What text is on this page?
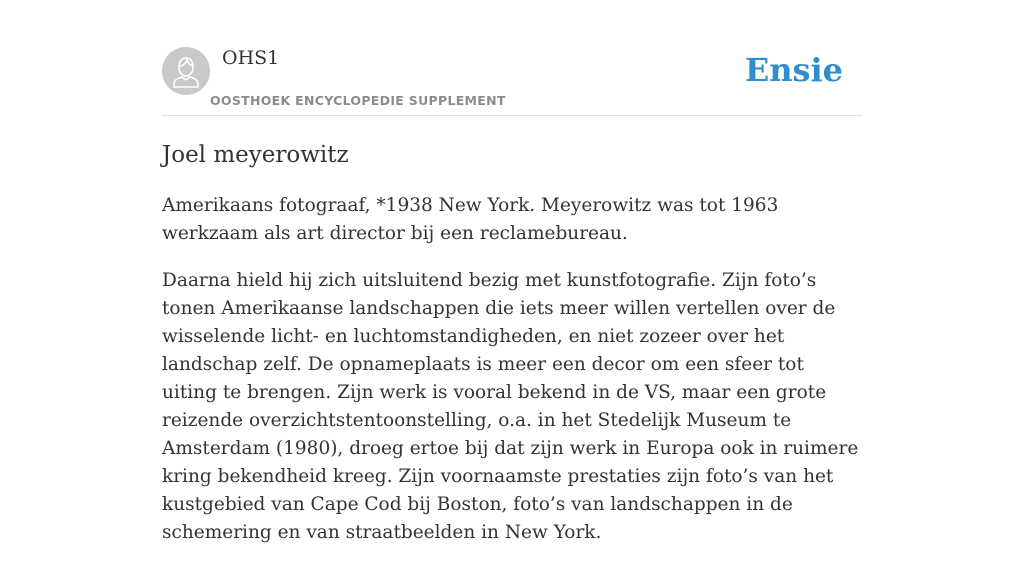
OHS1
OOSTHOEK ENCYCLOPEDIE SUPPLEMENT
Ensie
Joel meyerowitz

Amerikaans fotograaf, *1938 New York. Meyerowitz was tot 1963 werkzaam als art director bij een reclamebureau.

Daarna hield hij zich uitsluitend bezig met kunstfotografie. Zijn foto’s tonen Amerikaanse landschappen die iets meer willen vertellen over de wisselende licht- en luchtomstandigheden, en niet zozeer over het landschap zelf. De opnameplaats is meer een decor om een sfeer tot uiting te brengen. Zijn werk is vooral bekend in de VS, maar een grote reizende overzichtstentoonstelling, o.a. in het Stedelijk Museum te Amsterdam (1980), droeg ertoe bij dat zijn werk in Europa ook in ruimere kring bekendheid kreeg. Zijn voornaamste prestaties zijn foto’s van het kustgebied van Cape Cod bij Boston, foto’s van landschappen in de schemering en van straatbeelden in New York.
